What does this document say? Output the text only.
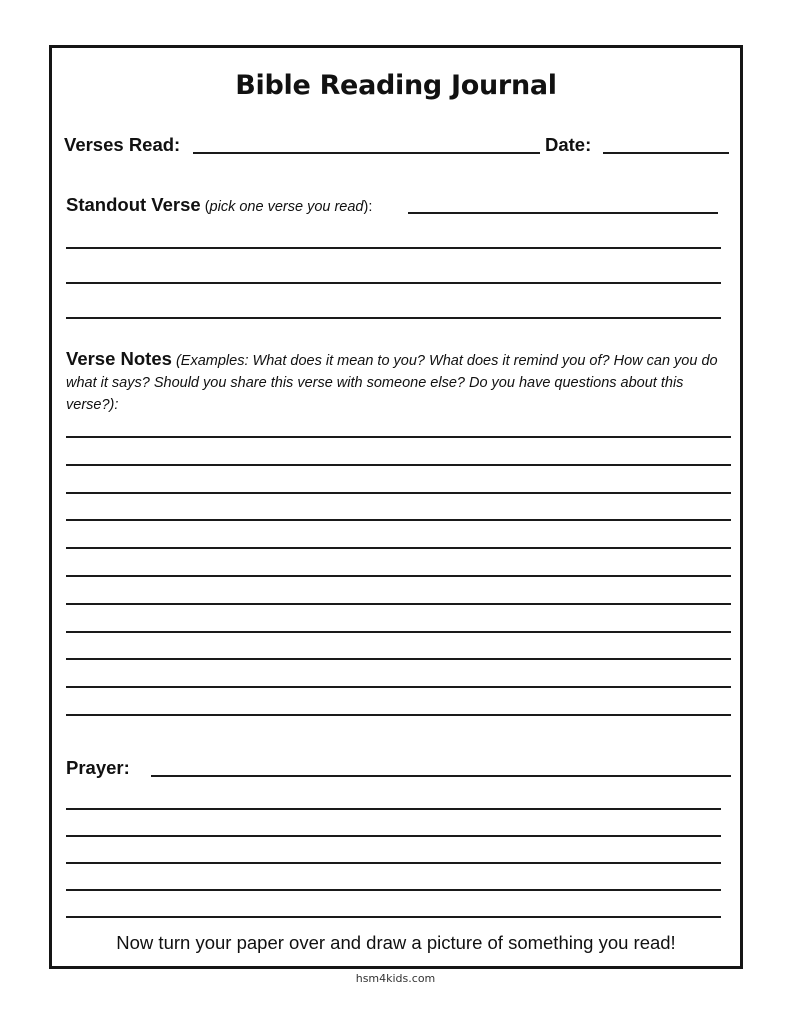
Bible Reading Journal
Verses Read:	Date:
Standout Verse (pick one verse you read):
Verse Notes (Examples: What does it mean to you? What does it remind you of? How can you do what it says? Should you share this verse with someone else? Do you have questions about this verse?):
Prayer:
Now turn your paper over and draw a picture of something you read!
hsm4kids.com
